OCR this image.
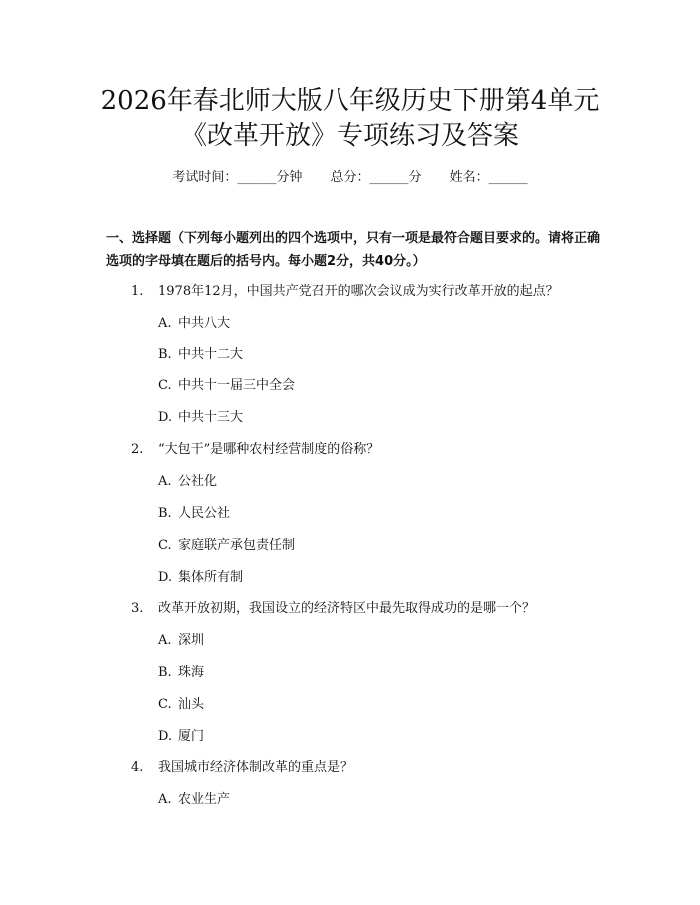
2026年春北师大版八年级历史下册第4单元
《改革开放》专项练习及答案
考试时间：______分钟 总分：______分 姓名：______
一、选择题（下列每小题列出的四个选项中，只有一项是最符合题目要求的。请将正确选项的字母填在题后的括号内。每小题2分，共40分。）
1. 1978年12月，中国共产党召开的哪次会议成为实行改革开放的起点？
A. 中共八大
B. 中共十二大
C. 中共十一届三中全会
D. 中共十三大
2. “大包干”是哪种农村经营制度的俗称？
A. 公社化
B. 人民公社
C. 家庭联产承包责任制
D. 集体所有制
3. 改革开放初期，我国设立的经济特区中最先取得成功的是哪一个？
A. 深圳
B. 珠海
C. 汕头
D. 厦门
4. 我国城市经济体制改革的重点是？
A. 农业生产
